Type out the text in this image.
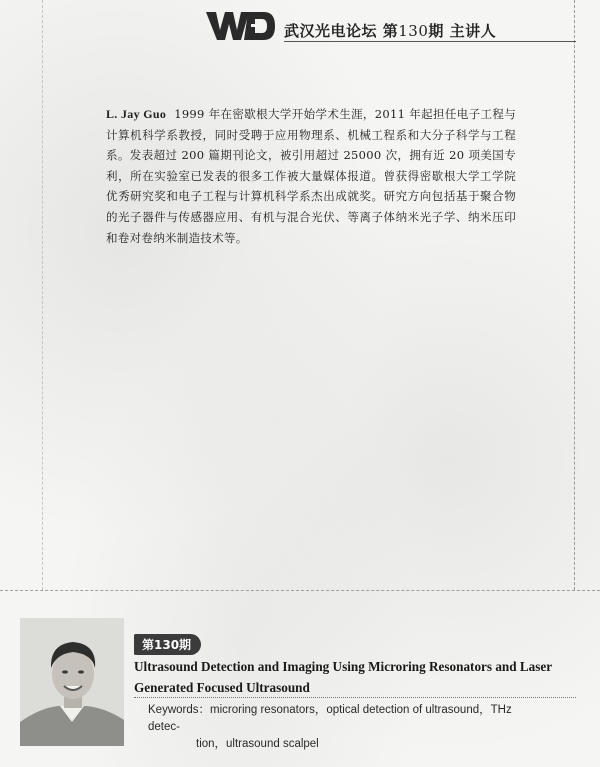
武汉光电论坛 第130期 主讲人

L. Jay Guo 1999 年在密歇根大学开始学术生涯，2011 年起担任电子工程与计算机科学系教授，同时受聘于应用物理系、机械工程系和大分子科学与工程系。发表超过 200 篇期刊论文，被引用超过 25000 次，拥有近 20 项美国专利，所在实验室已发表的很多工作被大量媒体报道。曾获得密歇根大学工学院优秀研究奖和电子工程与计算机科学系杰出成就奖。研究方向包括基于聚合物的光子器件与传感器应用、有机与混合光伏、等离子体纳米光子学、纳米压印和卷对卷纳米制造技术等。

第130期
Ultrasound Detection and Imaging Using Microring Resonators and Laser Generated Focused Ultrasound
Keywords：microring resonators，optical detection of ultrasound，THz detec-
tion，ultrasound scalpel
